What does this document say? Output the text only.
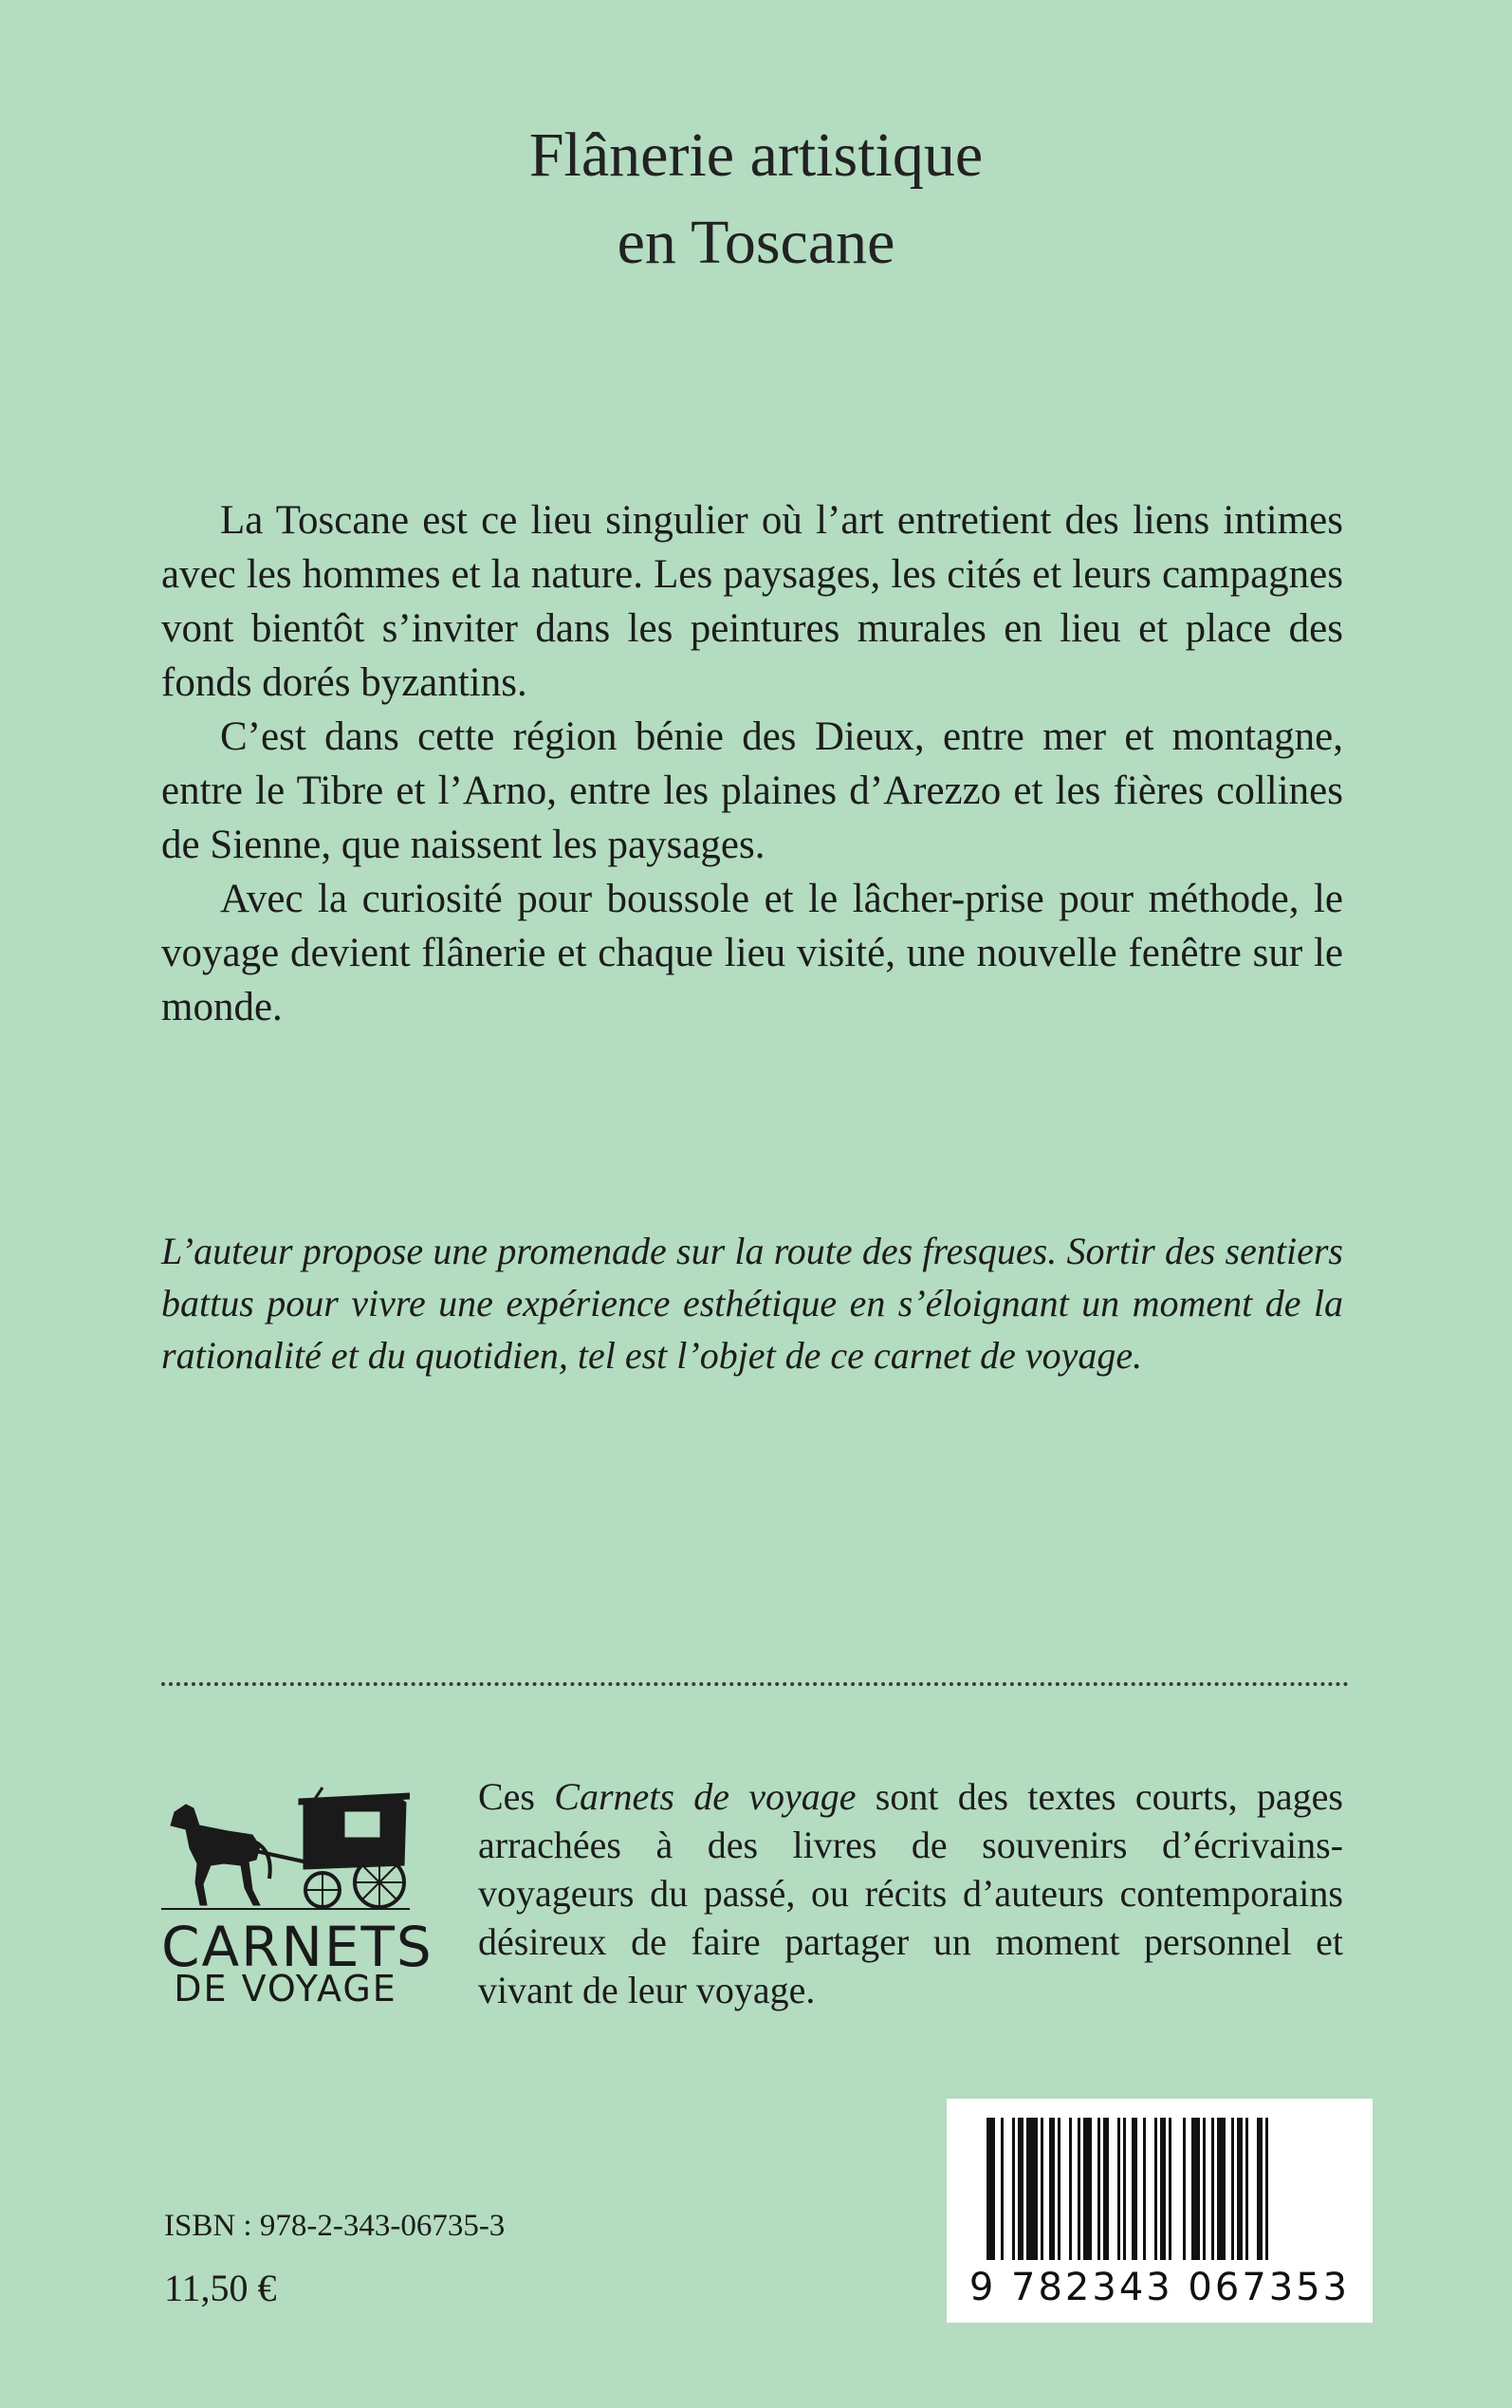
Flânerie artistique
en Toscane

La Toscane est ce lieu singulier où l’art entretient des liens intimes avec les hommes et la nature. Les paysages, les cités et leurs campagnes vont bientôt s’inviter dans les peintures murales en lieu et place des fonds dorés byzantins.

C’est dans cette région bénie des Dieux, entre mer et montagne, entre le Tibre et l’Arno, entre les plaines d’Arezzo et les fières collines de Sienne, que naissent les paysages.

Avec la curiosité pour boussole et le lâcher-prise pour méthode, le voyage devient flânerie et chaque lieu visité, une nouvelle fenêtre sur le monde.

L’auteur propose une promenade sur la route des fresques. Sortir des sentiers battus pour vivre une expérience esthétique en s’éloignant un moment de la rationalité et du quotidien, tel est l’objet de ce carnet de voyage.

CARNETS
DE VOYAGE

Ces Carnets de voyage sont des textes courts, pages arrachées à des livres de souvenirs d’écrivains-voyageurs du passé, ou récits d’auteurs contemporains désireux de faire partager un moment personnel et vivant de leur voyage.

ISBN : 978-2-343-06735-3
11,50 €	9 782343 067353
